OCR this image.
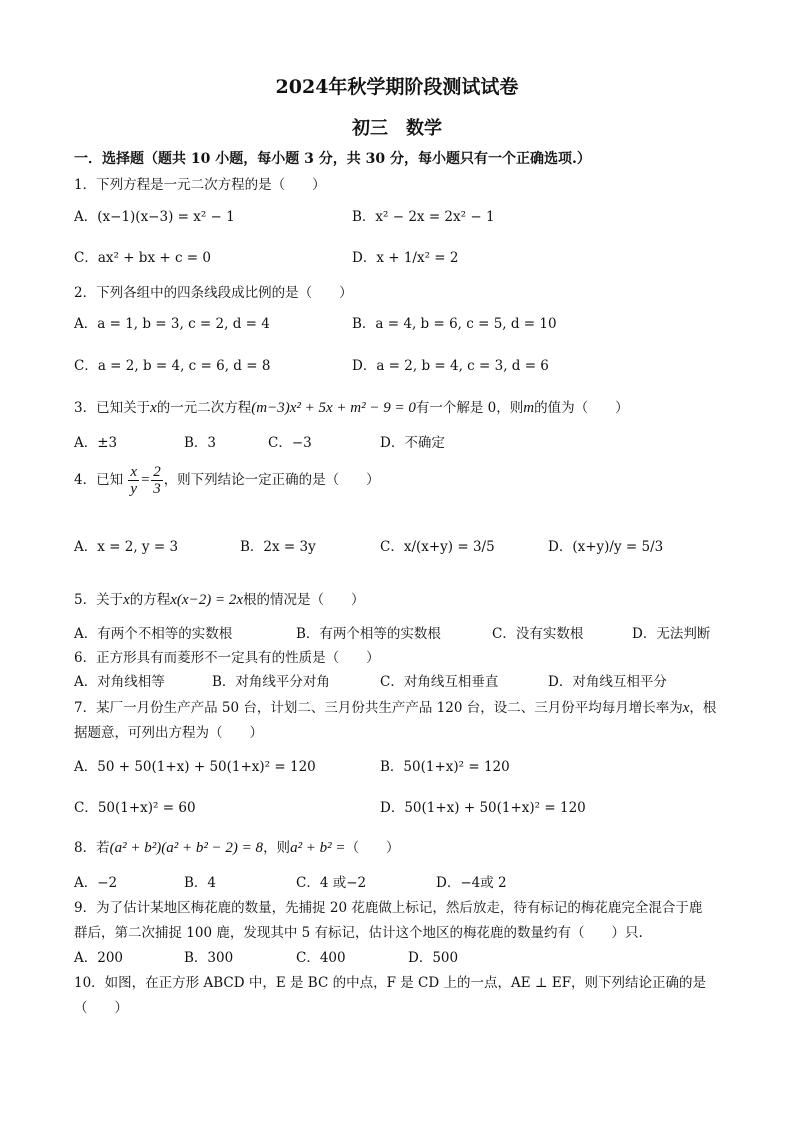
2024年秋学期阶段测试试卷
初三　数学
一．选择题（题共 10 小题，每小题 3 分，共 30 分，每小题只有一个正确选项.）
1．下列方程是一元二次方程的是（　　）
A．(x−1)(x−3) = x² − 1	B．x² − 2x = 2x² − 1
C．ax² + bx + c = 0	D．x + 1/x² = 2
2．下列各组中的四条线段成比例的是（　　）
A．a = 1, b = 3, c = 2, d = 4	B．a = 4, b = 6, c = 5, d = 10
C．a = 2, b = 4, c = 6, d = 8	D．a = 2, b = 4, c = 3, d = 6
3．已知关于x的一元二次方程(m−3)x² + 5x + m² − 9 = 0有一个解是 0，则m的值为（　　）
A．±3	B．3	C．−3	D．不确定
4．已知 $\frac{x}{y} = \frac{2}{3}$ ，则下列结论一定正确的是（　　）
A．x = 2, y = 3	B．2x = 3y	C．x/(x+y) = 3/5	D．(x+y)/y = 5/3
5．关于x的方程x(x−2) = 2x根的情况是（　　）
A．有两个不相等的实数根	B．有两个相等的实数根	C．没有实数根	D．无法判断
6．正方形具有而菱形不一定具有的性质是（　　）
A．对角线相等	B．对角线平分对角	C．对角线互相垂直	D．对角线互相平分
7．某厂一月份生产产品 50 台，计划二、三月份共生产产品 120 台，设二、三月份平均每月增长率为x，根
据题意，可列出方程为（　　）
A．50 + 50(1+x) + 50(1+x)² = 120	B．50(1+x)² = 120
C．50(1+x)² = 60	D．50(1+x) + 50(1+x)² = 120
8．若(a² + b²)(a² + b² − 2) = 8，则a² + b² =（　　）
A．−2	B．4	C．4 或−2	D．−4或 2
9．为了估计某地区梅花鹿的数量，先捕捉 20 花鹿做上标记，然后放走，待有标记的梅花鹿完全混合于鹿
群后，第二次捕捉 100 鹿，发现其中 5 有标记，估计这个地区的梅花鹿的数量约有（　　）只.
A．200	B．300	C．400	D．500
10．如图，在正方形 ABCD 中，E 是 BC 的中点，F 是 CD 上的一点，AE ⊥ EF，则下列结论正确的是
（　　）
